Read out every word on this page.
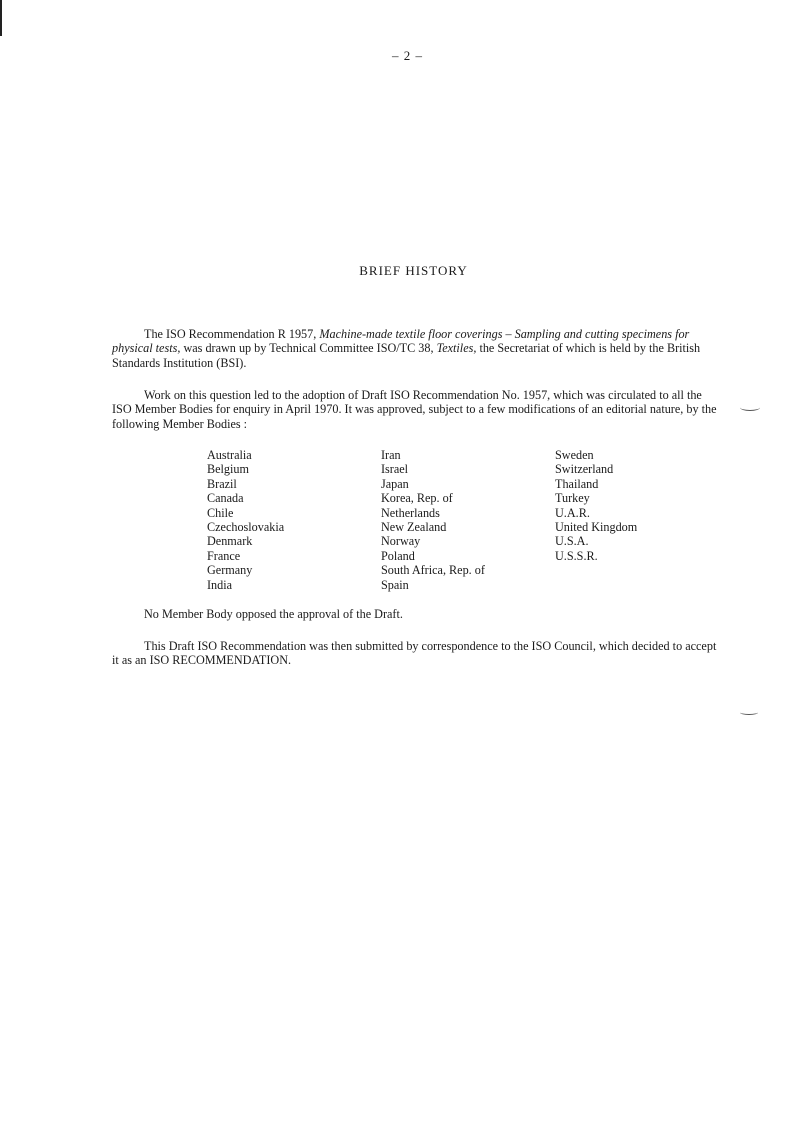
– 2 –
BRIEF HISTORY
The ISO Recommendation R 1957, Machine-made textile floor coverings – Sampling and cutting specimens for physical tests, was drawn up by Technical Committee ISO/TC 38, Textiles, the Secretariat of which is held by the British Standards Institution (BSI).
Work on this question led to the adoption of Draft ISO Recommendation No. 1957, which was circulated to all the ISO Member Bodies for enquiry in April 1970. It was approved, subject to a few modifications of an editorial nature, by the following Member Bodies :
Australia
Belgium
Brazil
Canada
Chile
Czechoslovakia
Denmark
France
Germany
India
Iran
Israel
Japan
Korea, Rep. of
Netherlands
New Zealand
Norway
Poland
South Africa, Rep. of
Spain
Sweden
Switzerland
Thailand
Turkey
U.A.R.
United Kingdom
U.S.A.
U.S.S.R.
No Member Body opposed the approval of the Draft.
This Draft ISO Recommendation was then submitted by correspondence to the ISO Council, which decided to accept it as an ISO RECOMMENDATION.
